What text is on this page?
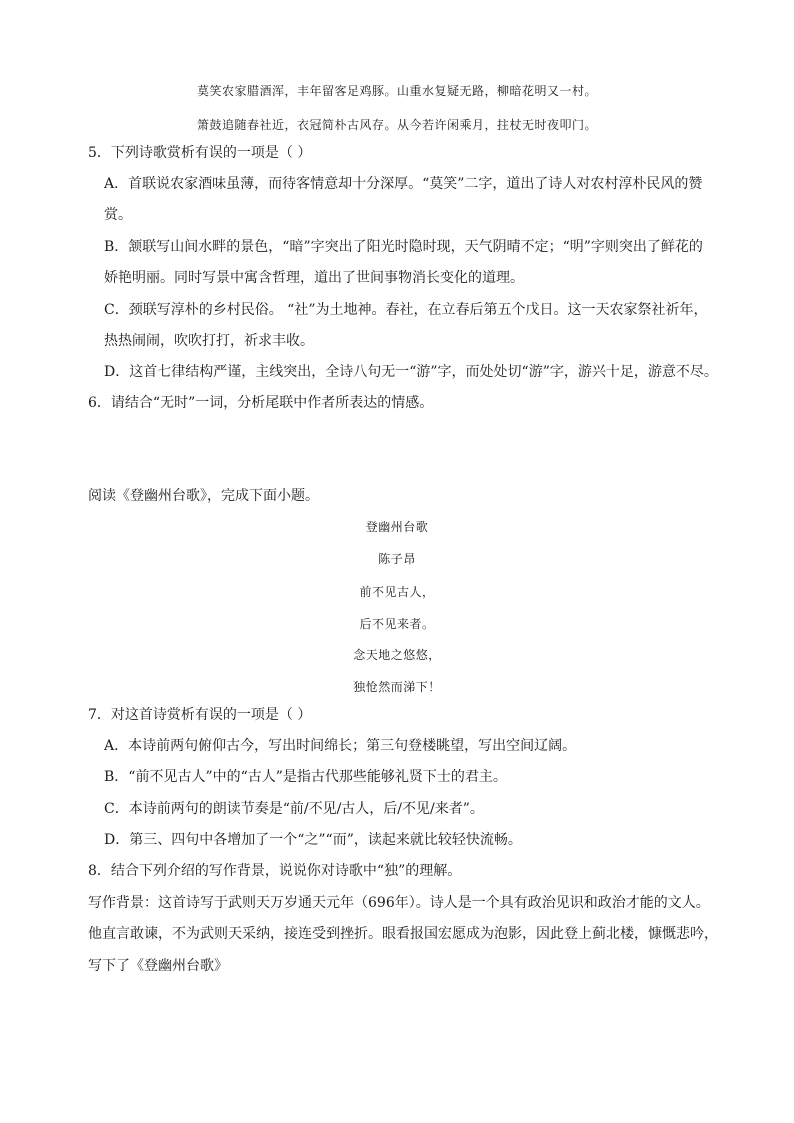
莫笑农家腊酒浑，丰年留客足鸡豚。山重水复疑无路，柳暗花明又一村。
箫鼓追随春社近，衣冠简朴古风存。从今若许闲乘月，拄杖无时夜叩门。
5．下列诗歌赏析有误的一项是（ ）
A．首联说农家酒味虽薄，而待客情意却十分深厚。“莫笑”二字，道出了诗人对农村淳朴民风的赞
赏。
B．颔联写山间水畔的景色，“暗”字突出了阳光时隐时现，天气阴晴不定；“明”字则突出了鲜花的
娇艳明丽。同时写景中寓含哲理，道出了世间事物消长变化的道理。
C．颈联写淳朴的乡村民俗。 “社”为土地神。春社，在立春后第五个戊日。这一天农家祭社祈年，
热热闹闹，吹吹打打，祈求丰收。
D．这首七律结构严谨，主线突出，全诗八句无一“游”字，而处处切“游”字，游兴十足，游意不尽。
6．请结合“无时”一词，分析尾联中作者所表达的情感。
阅读《登幽州台歌》，完成下面小题。
登幽州台歌
陈子昂
前不见古人，
后不见来者。
念天地之悠悠，
独怆然而涕下！
7．对这首诗赏析有误的一项是（ ）
A．本诗前两句俯仰古今，写出时间绵长；第三句登楼眺望，写出空间辽阔。
B．“前不见古人”中的“古人”是指古代那些能够礼贤下士的君主。
C．本诗前两句的朗读节奏是“前/不见/古人，后/不见/来者”。
D．第三、四句中各增加了一个“之”“而”，读起来就比较轻快流畅。
8．结合下列介绍的写作背景，说说你对诗歌中“独”的理解。
写作背景：这首诗写于武则天万岁通天元年（696年）。诗人是一个具有政治见识和政治才能的文人。
他直言敢谏，不为武则天采纳，接连受到挫折。眼看报国宏愿成为泡影，因此登上蓟北楼，慷慨悲吟，
写下了《登幽州台歌》
